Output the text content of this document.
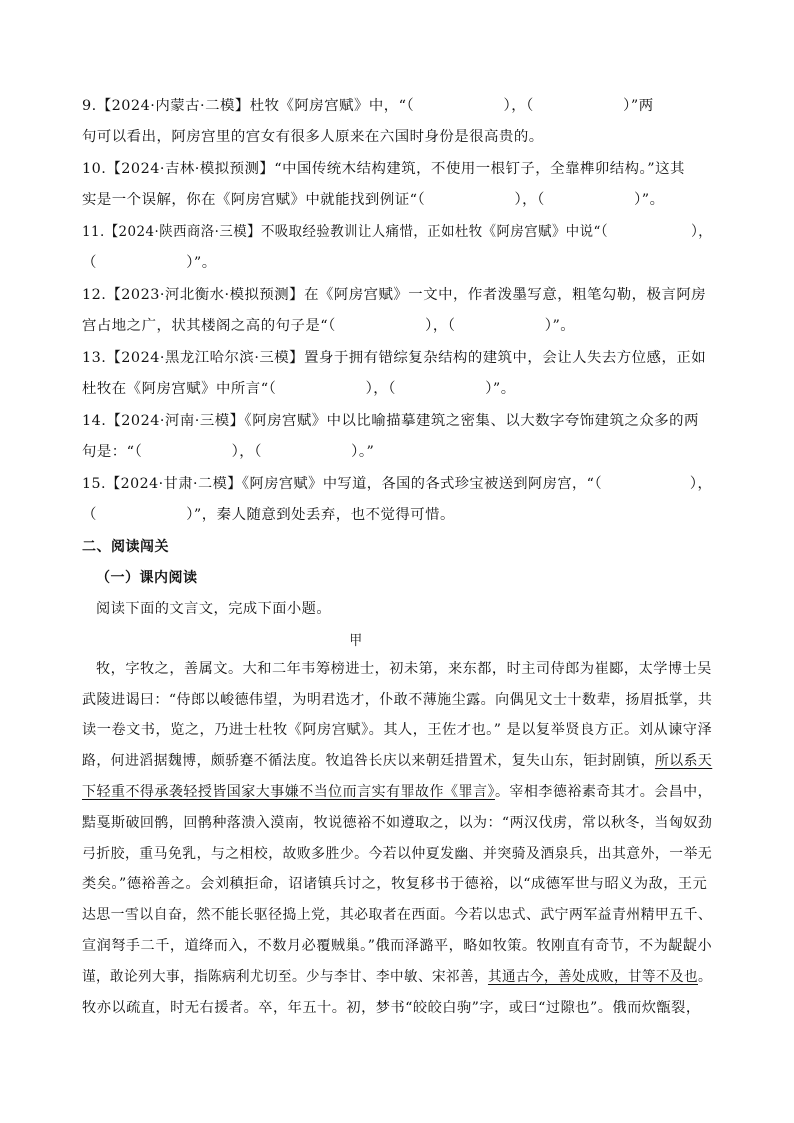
9.【2024·内蒙古·二模】杜牧《阿房宫赋》中，“（　　　　　　），（　　　　　　）”两
句可以看出，阿房宫里的宫女有很多人原来在六国时身份是很高贵的。
10.【2024·吉林·模拟预测】“中国传统木结构建筑，不使用一根钉子，全靠榫卯结构。”这其
实是一个误解，你在《阿房宫赋》中就能找到例证“（　　　　　　），（　　　　　　）”。
11.【2024·陕西商洛·三模】不吸取经验教训让人痛惜，正如杜牧《阿房宫赋》中说“（　　　　　　），
（　　　　　　）”。
12.【2023·河北衡水·模拟预测】在《阿房宫赋》一文中，作者泼墨写意，粗笔勾勒，极言阿房
宫占地之广，状其楼阁之高的句子是“（　　　　　　），（　　　　　　）”。
13.【2024·黑龙江哈尔滨·三模】置身于拥有错综复杂结构的建筑中，会让人失去方位感，正如
杜牧在《阿房宫赋》中所言“（　　　　　　），（　　　　　　）”。
14.【2024·河南·三模】《阿房宫赋》中以比喻描摹建筑之密集、以大数字夸饰建筑之众多的两
句是：“（　　　　　　），（　　　　　　）。”
15.【2024·甘肃·二模】《阿房宫赋》中写道，各国的各式珍宝被送到阿房宫，“（　　　　　　），
（　　　　　　）”，秦人随意到处丢弃，也不觉得可惜。
二、阅读闯关
（一）课内阅读
阅读下面的文言文，完成下面小题。
甲
牧，字牧之，善属文。大和二年韦筹榜进士，初未第，来东都，时主司侍郎为崔郾，太学博士吴
武陵进谒曰：“侍郎以峻德伟望，为明君选才，仆敢不薄施尘露。向偶见文士十数辈，扬眉抵掌，共
读一卷文书，览之，乃进士杜牧《阿房宫赋》。其人，王佐才也。” 是以复举贤良方正。刘从谏守泽
路，何进滔据魏博，颇骄蹇不循法度。牧追咎长庆以来朝廷措置术，复失山东，钜封剧镇，所以系天
下轻重不得承袭轻授皆国家大事嫌不当位而言实有罪故作《罪言》。宰相李德裕素奇其才。会昌中，
黠戛斯破回鹘，回鹘种落溃入漠南，牧说德裕不如遵取之，以为：“两汉伐虏，常以秋冬，当匈奴劲
弓折胶，重马免乳，与之相校，故败多胜少。今若以仲夏发幽、并突骑及酒泉兵，出其意外，一举无
类矣。”德裕善之。会刘稹拒命，诏诸镇兵讨之，牧复移书于德裕，以“成德军世与昭义为敌，王元
达思一雪以自奋，然不能长驱径捣上党，其必取者在西面。今若以忠式、武宁两军益青州精甲五千、
宣润弩手二千，道绛而入，不数月必覆贼巢。”俄而泽潞平，略如牧策。牧刚直有奇节，不为龊龊小
谨，敢论列大事，指陈病利尤切至。少与李甘、李中敏、宋祁善，其通古今，善处成败，甘等不及也。
牧亦以疏直，时无右援者。卒，年五十。初，梦书“皎皎白驹”字，或曰“过隙也”。俄而炊甑裂，
